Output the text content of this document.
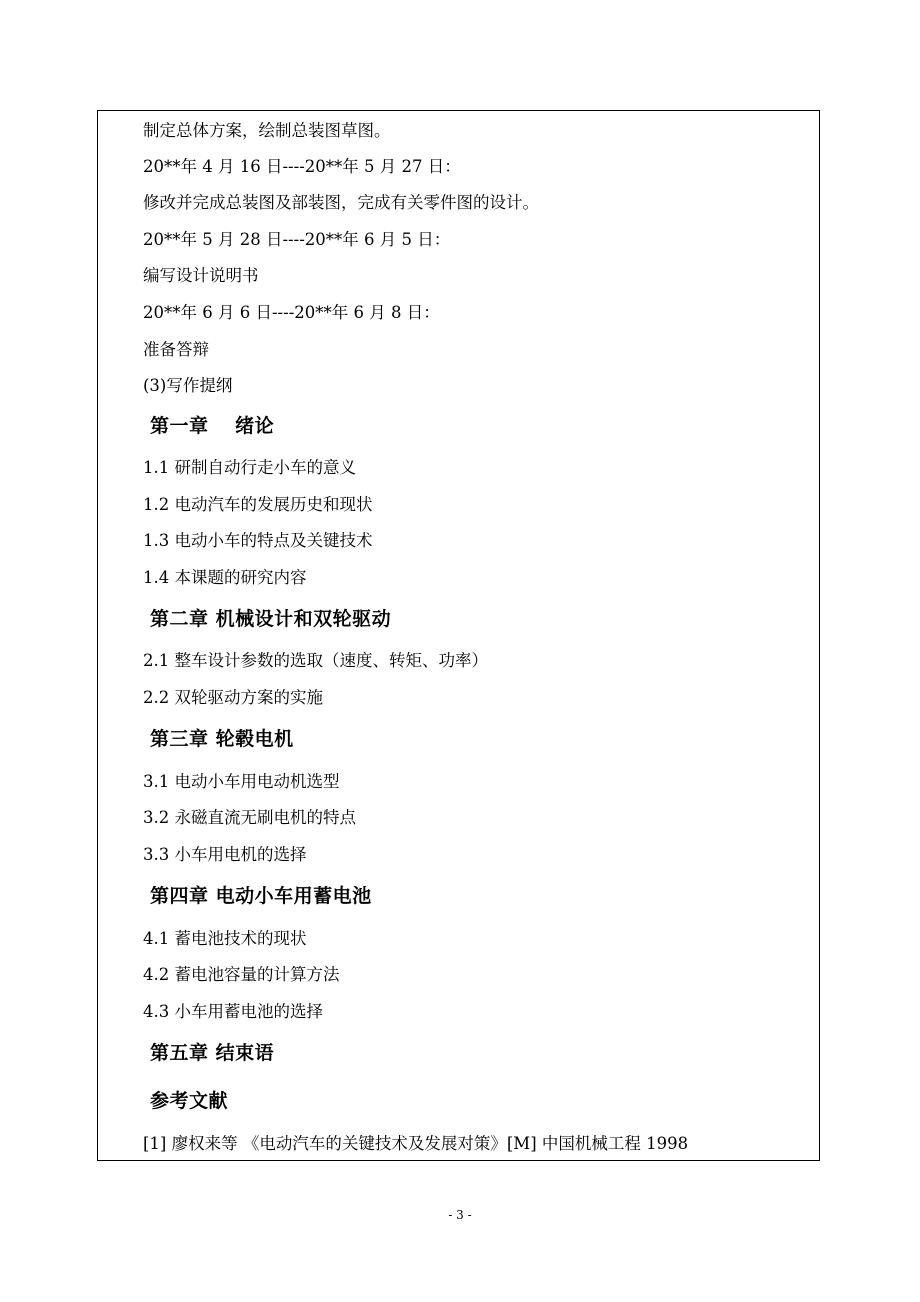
制定总体方案，绘制总装图草图。
20**年 4 月 16 日----20**年 5 月 27 日：
修改并完成总装图及部装图，完成有关零件图的设计。
20**年 5 月 28 日----20**年 6 月 5 日：
编写设计说明书
20**年 6 月 6 日----20**年 6 月 8 日：
准备答辩
(3)写作提纲
第一章　 绪论
1.1 研制自动行走小车的意义
1.2 电动汽车的发展历史和现状
1.3 电动小车的特点及关键技术
1.4 本课题的研究内容
第二章 机械设计和双轮驱动
2.1 整车设计参数的选取（速度、转矩、功率）
2.2 双轮驱动方案的实施
第三章 轮毂电机
3.1 电动小车用电动机选型
3.2 永磁直流无刷电机的特点
3.3 小车用电机的选择
第四章 电动小车用蓄电池
4.1 蓄电池技术的现状
4.2 蓄电池容量的计算方法
4.3 小车用蓄电池的选择
第五章 结束语
参考文献
[1] 廖权来等 《电动汽车的关键技术及发展对策》[M] 中国机械工程 1998
- 3 -
